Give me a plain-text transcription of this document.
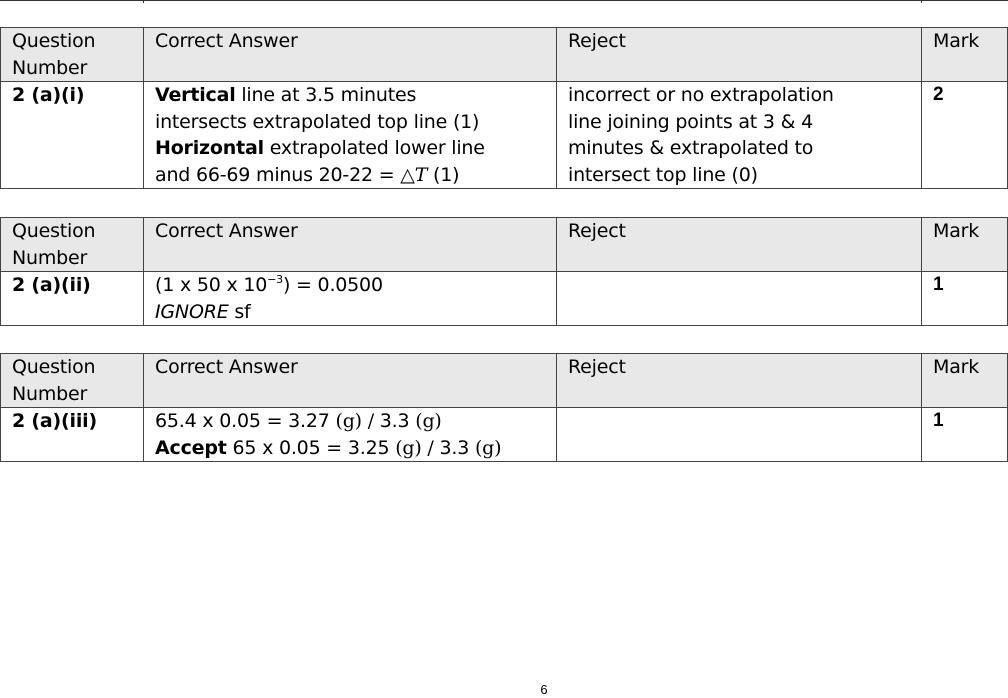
Question Number	Correct Answer	Reject	Mark
2 (a)(i)	Vertical line at 3.5 minutes
intersects extrapolated top line (1)
Horizontal extrapolated lower line
and 66-69 minus 20-22 = △T (1)	incorrect or no extrapolation
line joining points at 3 & 4
minutes & extrapolated to
intersect top line (0)	2
Question Number	Correct Answer	Reject	Mark
2 (a)(ii)	(1 x 50 x $10^{-3}) = 0.0500$
IGNORE sf		1
Question Number	Correct Answer	Reject	Mark
2 (a)(iii)	65.4 x 0.05 = 3.27 (g) / 3.3 (g)
Accept 65 x 0.05 = 3.25 (g) / 3.3 (g)		1
6
